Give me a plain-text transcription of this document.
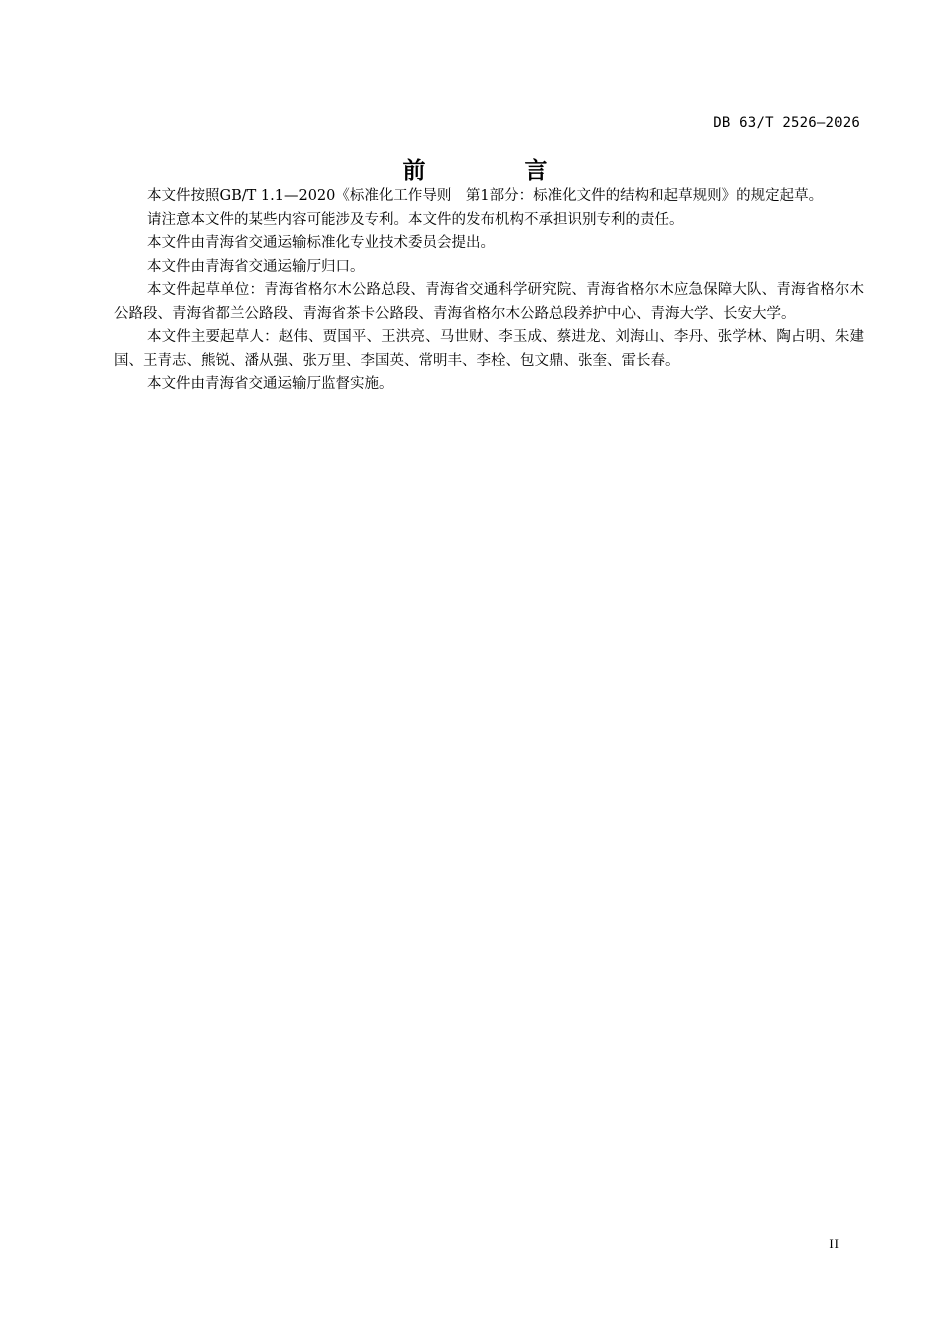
DB 63/T 2526—2026
前　言

本文件按照GB/T 1.1—2020《标准化工作导则　第1部分：标准化文件的结构和起草规则》的规定起草。

请注意本文件的某些内容可能涉及专利。本文件的发布机构不承担识别专利的责任。

本文件由青海省交通运输标准化专业技术委员会提出。

本文件由青海省交通运输厅归口。

本文件起草单位：青海省格尔木公路总段、青海省交通科学研究院、青海省格尔木应急保障大队、青海省格尔木公路段、青海省都兰公路段、青海省茶卡公路段、青海省格尔木公路总段养护中心、青海大学、长安大学。

本文件主要起草人：赵伟、贾国平、王洪亮、马世财、李玉成、蔡进龙、刘海山、李丹、张学林、陶占明、朱建国、王青志、熊锐、潘从强、张万里、李国英、常明丰、李栓、包文鼎、张奎、雷长春。

本文件由青海省交通运输厅监督实施。

II
